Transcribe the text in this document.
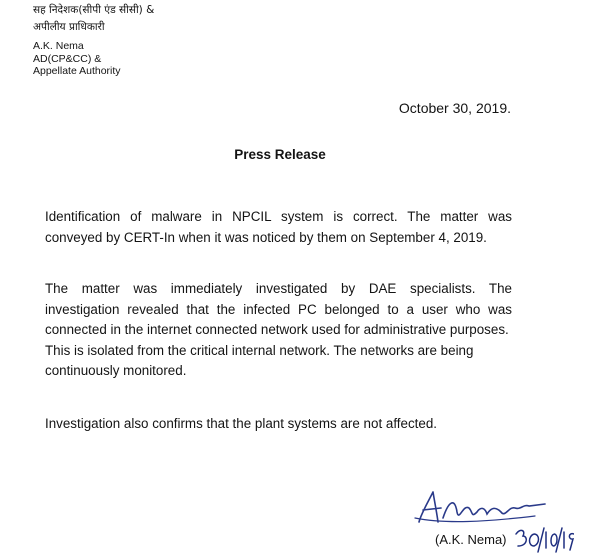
सह निदेशक(सीपी एंड सीसी) &
अपीलीय प्राधिकारी
A.K. Nema
AD(CP&CC) &
Appellate Authority
October 30, 2019.
Press Release

Identification of malware in NPCIL system is correct. The matter was
conveyed by CERT-In when it was noticed by them on September 4, 2019.

The matter was immediately investigated by DAE specialists. The
investigation revealed that the infected PC belonged to a user who was
connected in the internet connected network used for administrative purposes.
This is isolated from the critical internal network. The networks are being
continuously monitored.

Investigation also confirms that the plant systems are not affected.

(A.K. Nema)
